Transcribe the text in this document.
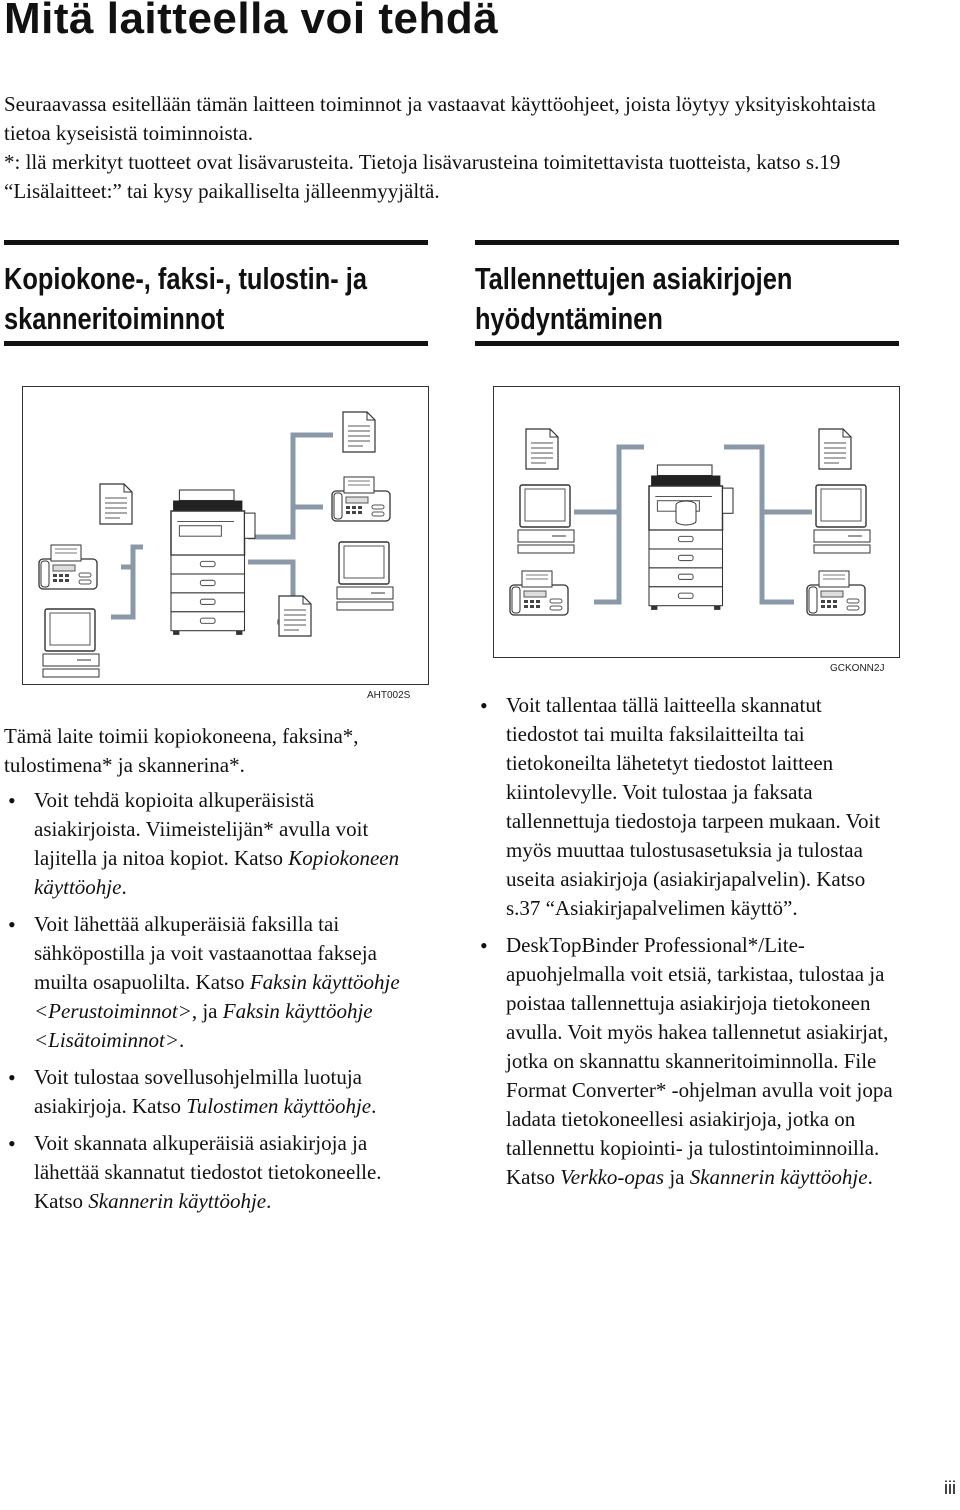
Mitä laitteella voi tehdä

Seuraavassa esitellään tämän laitteen toiminnot ja vastaavat käyttöohjeet, joista löytyy yksityiskohtaista tietoa kyseisistä toiminnoista.

*: llä merkityt tuotteet ovat lisävarusteita. Tietoja lisävarusteina toimitettavista tuotteista, katso s.19 “Lisälaitteet:” tai kysy paikalliselta jälleenmyyjältä.

Kopiokone-, faksi-, tulostin- ja skanneritoiminnot
Tallennettujen asiakirjojen hyödyntäminen
AHT002S
GCKONN2J

Tämä laite toimii kopiokoneena, faksina*, tulostimena* ja skannerina*.

• Voit tehdä kopioita alkuperäisistä asiakirjoista. Viimeistelijän* avulla voit lajitella ja nitoa kopiot. Katso Kopiokoneen käyttöohje.
• Voit lähettää alkuperäisiä faksilla tai sähköpostilla ja voit vastaanottaa fakseja muilta osapuolilta. Katso Faksin käyttöohje <Perustoiminnot>, ja Faksin käyttöohje <Lisätoiminnot>.
• Voit tulostaa sovellusohjelmilla luotuja asiakirjoja. Katso Tulostimen käyttöohje.
• Voit skannata alkuperäisiä asiakirjoja ja lähettää skannatut tiedostot tietokoneelle. Katso Skannerin käyttöohje.
• Voit tallentaa tällä laitteella skannatut tiedostot tai muilta faksilaitteilta tai tietokoneilta lähetetyt tiedostot laitteen kiintolevylle. Voit tulostaa ja faksata tallennettuja tiedostoja tarpeen mukaan. Voit myös muuttaa tulostusasetuksia ja tulostaa useita asiakirjoja (asiakirjapalvelin). Katso s.37 “Asiakirjapalvelimen käyttö”.
• DeskTopBinder Professional*/Lite-apuohjelmalla voit etsiä, tarkistaa, tulostaa ja poistaa tallennettuja asiakirjoja tietokoneen avulla. Voit myös hakea tallennetut asiakirjat, jotka on skannattu skanneritoiminnolla. File Format Converter* -ohjelman avulla voit jopa ladata tietokoneellesi asiakirjoja, jotka on tallennettu kopiointi- ja tulostintoiminnoilla. Katso Verkko-opas ja Skannerin käyttöohje.
iii
